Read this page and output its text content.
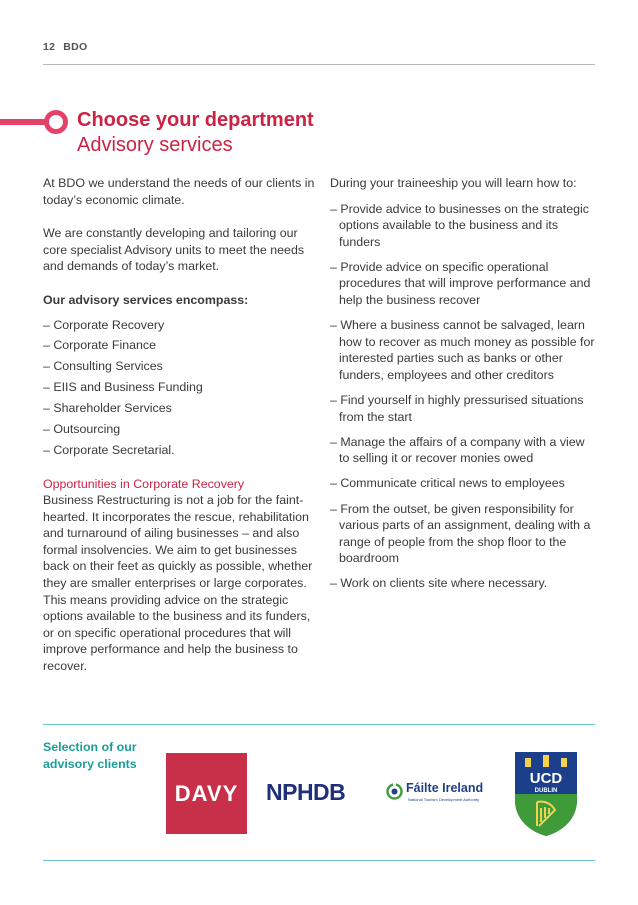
12 BDO
Choose your department
Advisory services

At BDO we understand the needs of our clients in today’s economic climate.

We are constantly developing and tailoring our core specialist Advisory units to meet the needs and demands of today’s market.

Our advisory services encompass:

– Corporate Recovery
– Corporate Finance
– Consulting Services
– EIIS and Business Funding
– Shareholder Services
– Outsourcing
– Corporate Secretarial.

Opportunities in Corporate Recovery

Business Restructuring is not a job for the faint-hearted. It incorporates the rescue, rehabilitation and turnaround of ailing businesses – and also formal insolvencies. We aim to get businesses back on their feet as quickly as possible, whether they are smaller enterprises or large corporates. This means providing advice on the strategic options available to the business and its funders, or on specific operational procedures that will improve performance and help the business to recover.

During your traineeship you will learn how to:

– Provide advice to businesses on the strategic options available to the business and its funders
– Provide advice on specific operational procedures that will improve performance and help the business recover
– Where a business cannot be salvaged, learn how to recover as much money as possible for interested parties such as banks or other funders, employees and other creditors
– Find yourself in highly pressurised situations from the start
– Manage the affairs of a company with a view to selling it or recover monies owed
– Communicate critical news to employees
– From the outset, be given responsibility for various parts of an assignment, dealing with a range of people from the shop floor to the boardroom
– Work on clients site where necessary.
Selection of our advisory clients
DAVY NPHDB	Fáilte Ireland
National Tourism Development Authority
UCD
DUBLIN
